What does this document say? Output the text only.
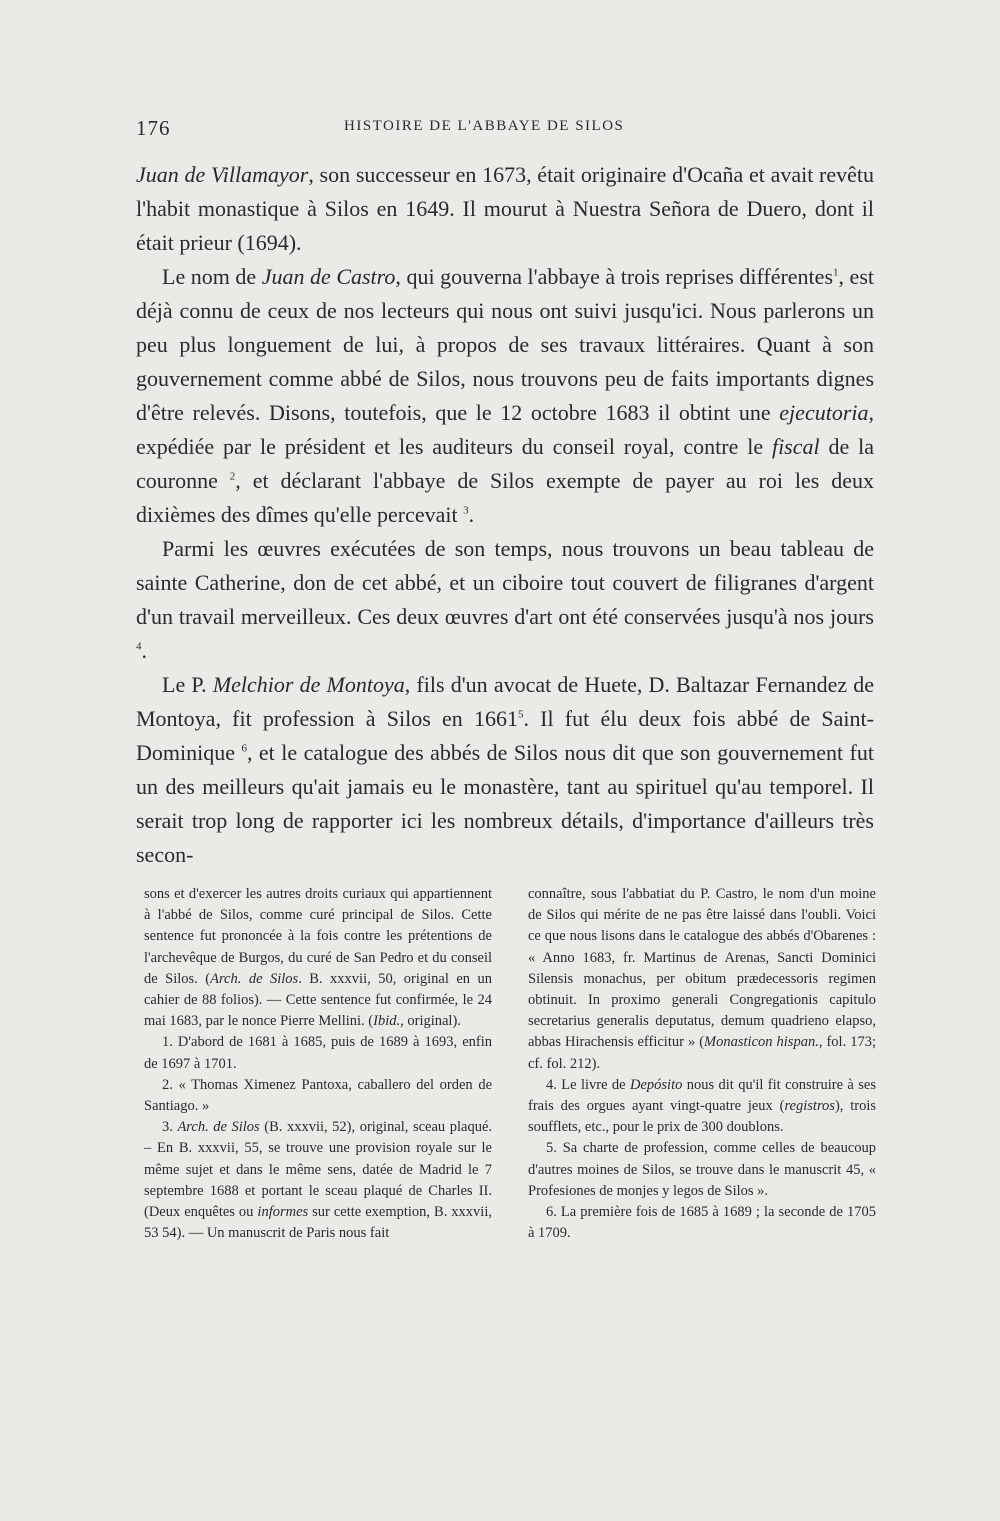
176	HISTOIRE DE L'ABBAYE DE SILOS

Juan de Villamayor, son successeur en 1673, était originaire d'Ocaña et avait revêtu l'habit monastique à Silos en 1649. Il mourut à Nuestra Señora de Duero, dont il était prieur (1694).

Le nom de Juan de Castro, qui gouverna l'abbaye à trois reprises différentes$^1$, est déjà connu de ceux de nos lecteurs qui nous ont suivi jusqu'ici. Nous parlerons un peu plus longuement de lui, à propos de ses travaux littéraires. Quant à son gouvernement comme abbé de Silos, nous trouvons peu de faits importants dignes d'être relevés. Disons, toutefois, que le 12 octobre 1683 il obtint une ejecutoria, expédiée par le président et les auditeurs du conseil royal, contre le fiscal de la couronne $^2$, et déclarant l'abbaye de Silos exempte de payer au roi les deux dixièmes des dîmes qu'elle percevait $^3$.

Parmi les œuvres exécutées de son temps, nous trouvons un beau tableau de sainte Catherine, don de cet abbé, et un ciboire tout couvert de filigranes d'argent d'un travail merveilleux. Ces deux œuvres d'art ont été conservées jusqu'à nos jours $^4$.

Le P. Melchior de Montoya, fils d'un avocat de Huete, D. Baltazar Fernandez de Montoya, fit profession à Silos en 1661$^5$. Il fut élu deux fois abbé de Saint-Dominique $^6$, et le catalogue des abbés de Silos nous dit que son gouvernement fut un des meilleurs qu'ait jamais eu le monastère, tant au spirituel qu'au temporel. Il serait trop long de rapporter ici les nombreux détails, d'importance d'ailleurs très secon-

sons et d'exercer les autres droits curiaux qui appartiennent à l'abbé de Silos, comme curé principal de Silos. Cette sentence fut prononcée à la fois contre les prétentions de l'archevêque de Burgos, du curé de San Pedro et du conseil de Silos. (Arch. de Silos. B. xxxvii, 50, original en un cahier de 88 folios). — Cette sentence fut confirmée, le 24 mai 1683, par le nonce Pierre Mellini. (Ibid., original).

1. D'abord de 1681 à 1685, puis de 1689 à 1693, enfin de 1697 à 1701.

2. « Thomas Ximenez Pantoxa, caballero del orden de Santiago. »

3. Arch. de Silos (B. xxxvii, 52), original, sceau plaqué. – En B. xxxvii, 55, se trouve une provision royale sur le même sujet et dans le même sens, datée de Madrid le 7 septembre 1688 et portant le sceau plaqué de Charles II. (Deux enquêtes ou informes sur cette exemption, B. xxxvii, 53 54). — Un manuscrit de Paris nous fait

connaître, sous l'abbatiat du P. Castro, le nom d'un moine de Silos qui mérite de ne pas être laissé dans l'oubli. Voici ce que nous lisons dans le catalogue des abbés d'Obarenes : « Anno 1683, fr. Martinus de Arenas, Sancti Dominici Silensis monachus, per obitum prædecessoris regimen obtinuit. In proximo generali Congregationis capitulo secretarius generalis deputatus, demum quadrieno elapso, abbas Hirachensis efficitur » (Monasticon hispan., fol. 173; cf. fol. 212).

4. Le livre de Depósito nous dit qu'il fit construire à ses frais des orgues ayant vingt-quatre jeux (registros), trois soufflets, etc., pour le prix de 300 doublons.

5. Sa charte de profession, comme celles de beaucoup d'autres moines de Silos, se trouve dans le manuscrit 45, « Profesiones de monjes y legos de Silos ».

6. La première fois de 1685 à 1689 ; la seconde de 1705 à 1709.
